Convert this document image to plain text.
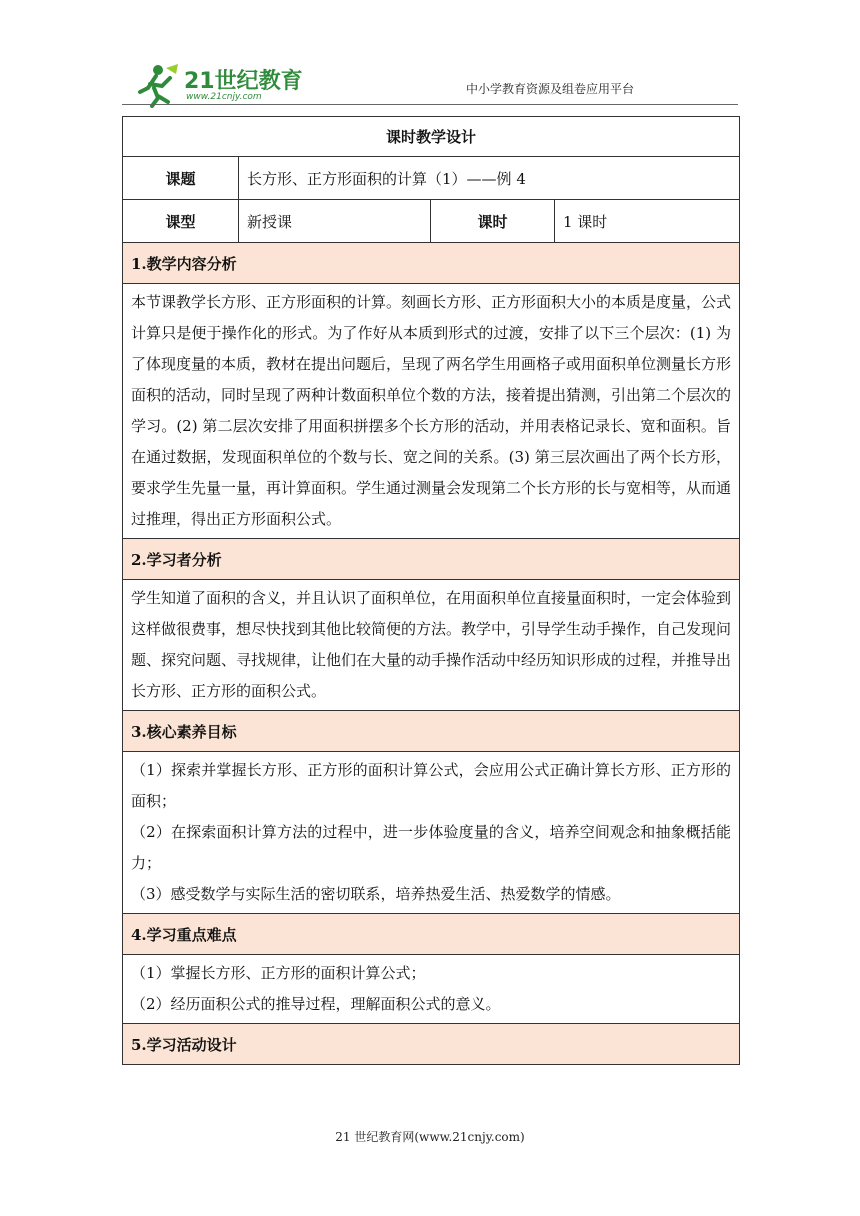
21世纪教育
www.21cnjy.com
中小学教育资源及组卷应用平台
课时教学设计			
课题	长方形、正方形面积的计算（1）——例 4		
课型	新授课	课时	1 课时
1.教学内容分析			

本节课教学长方形、正方形面积的计算。刻画长方形、正方形面积大小的本质是度量，公式计算只是便于操作化的形式。为了作好从本质到形式的过渡，安排了以下三个层次：(1) 为了体现度量的本质，教材在提出问题后，呈现了两名学生用画格子或用面积单位测量长方形面积的活动，同时呈现了两种计数面积单位个数的方法，接着提出猜测，引出第二个层次的学习。(2) 第二层次安排了用面积拼摆多个长方形的活动，并用表格记录长、宽和面积。旨在通过数据，发现面积单位的个数与长、宽之间的关系。(3) 第三层次画出了两个长方形，要求学生先量一量，再计算面积。学生通过测量会发现第二个长方形的长与宽相等，从而通过推理，得出正方形面积公式。			

2.学习者分析			

学生知道了面积的含义，并且认识了面积单位，在用面积单位直接量面积时，一定会体验到这样做很费事，想尽快找到其他比较简便的方法。教学中，引导学生动手操作，自己发现问题、探究问题、寻找规律，让他们在大量的动手操作活动中经历知识形成的过程，并推导出长方形、正方形的面积公式。			

3.核心素养目标			

（1）探索并掌握长方形、正方形的面积计算公式，会应用公式正确计算长方形、正方形的面积；

（2）在探索面积计算方法的过程中，进一步体验度量的含义，培养空间观念和抽象概括能力；

（3）感受数学与实际生活的密切联系，培养热爱生活、热爱数学的情感。			

4.学习重点难点			

（1）掌握长方形、正方形的面积计算公式；

（2）经历面积公式的推导过程，理解面积公式的意义。			

5.学习活动设计			
21 世纪教育网(www.21cnjy.com)
